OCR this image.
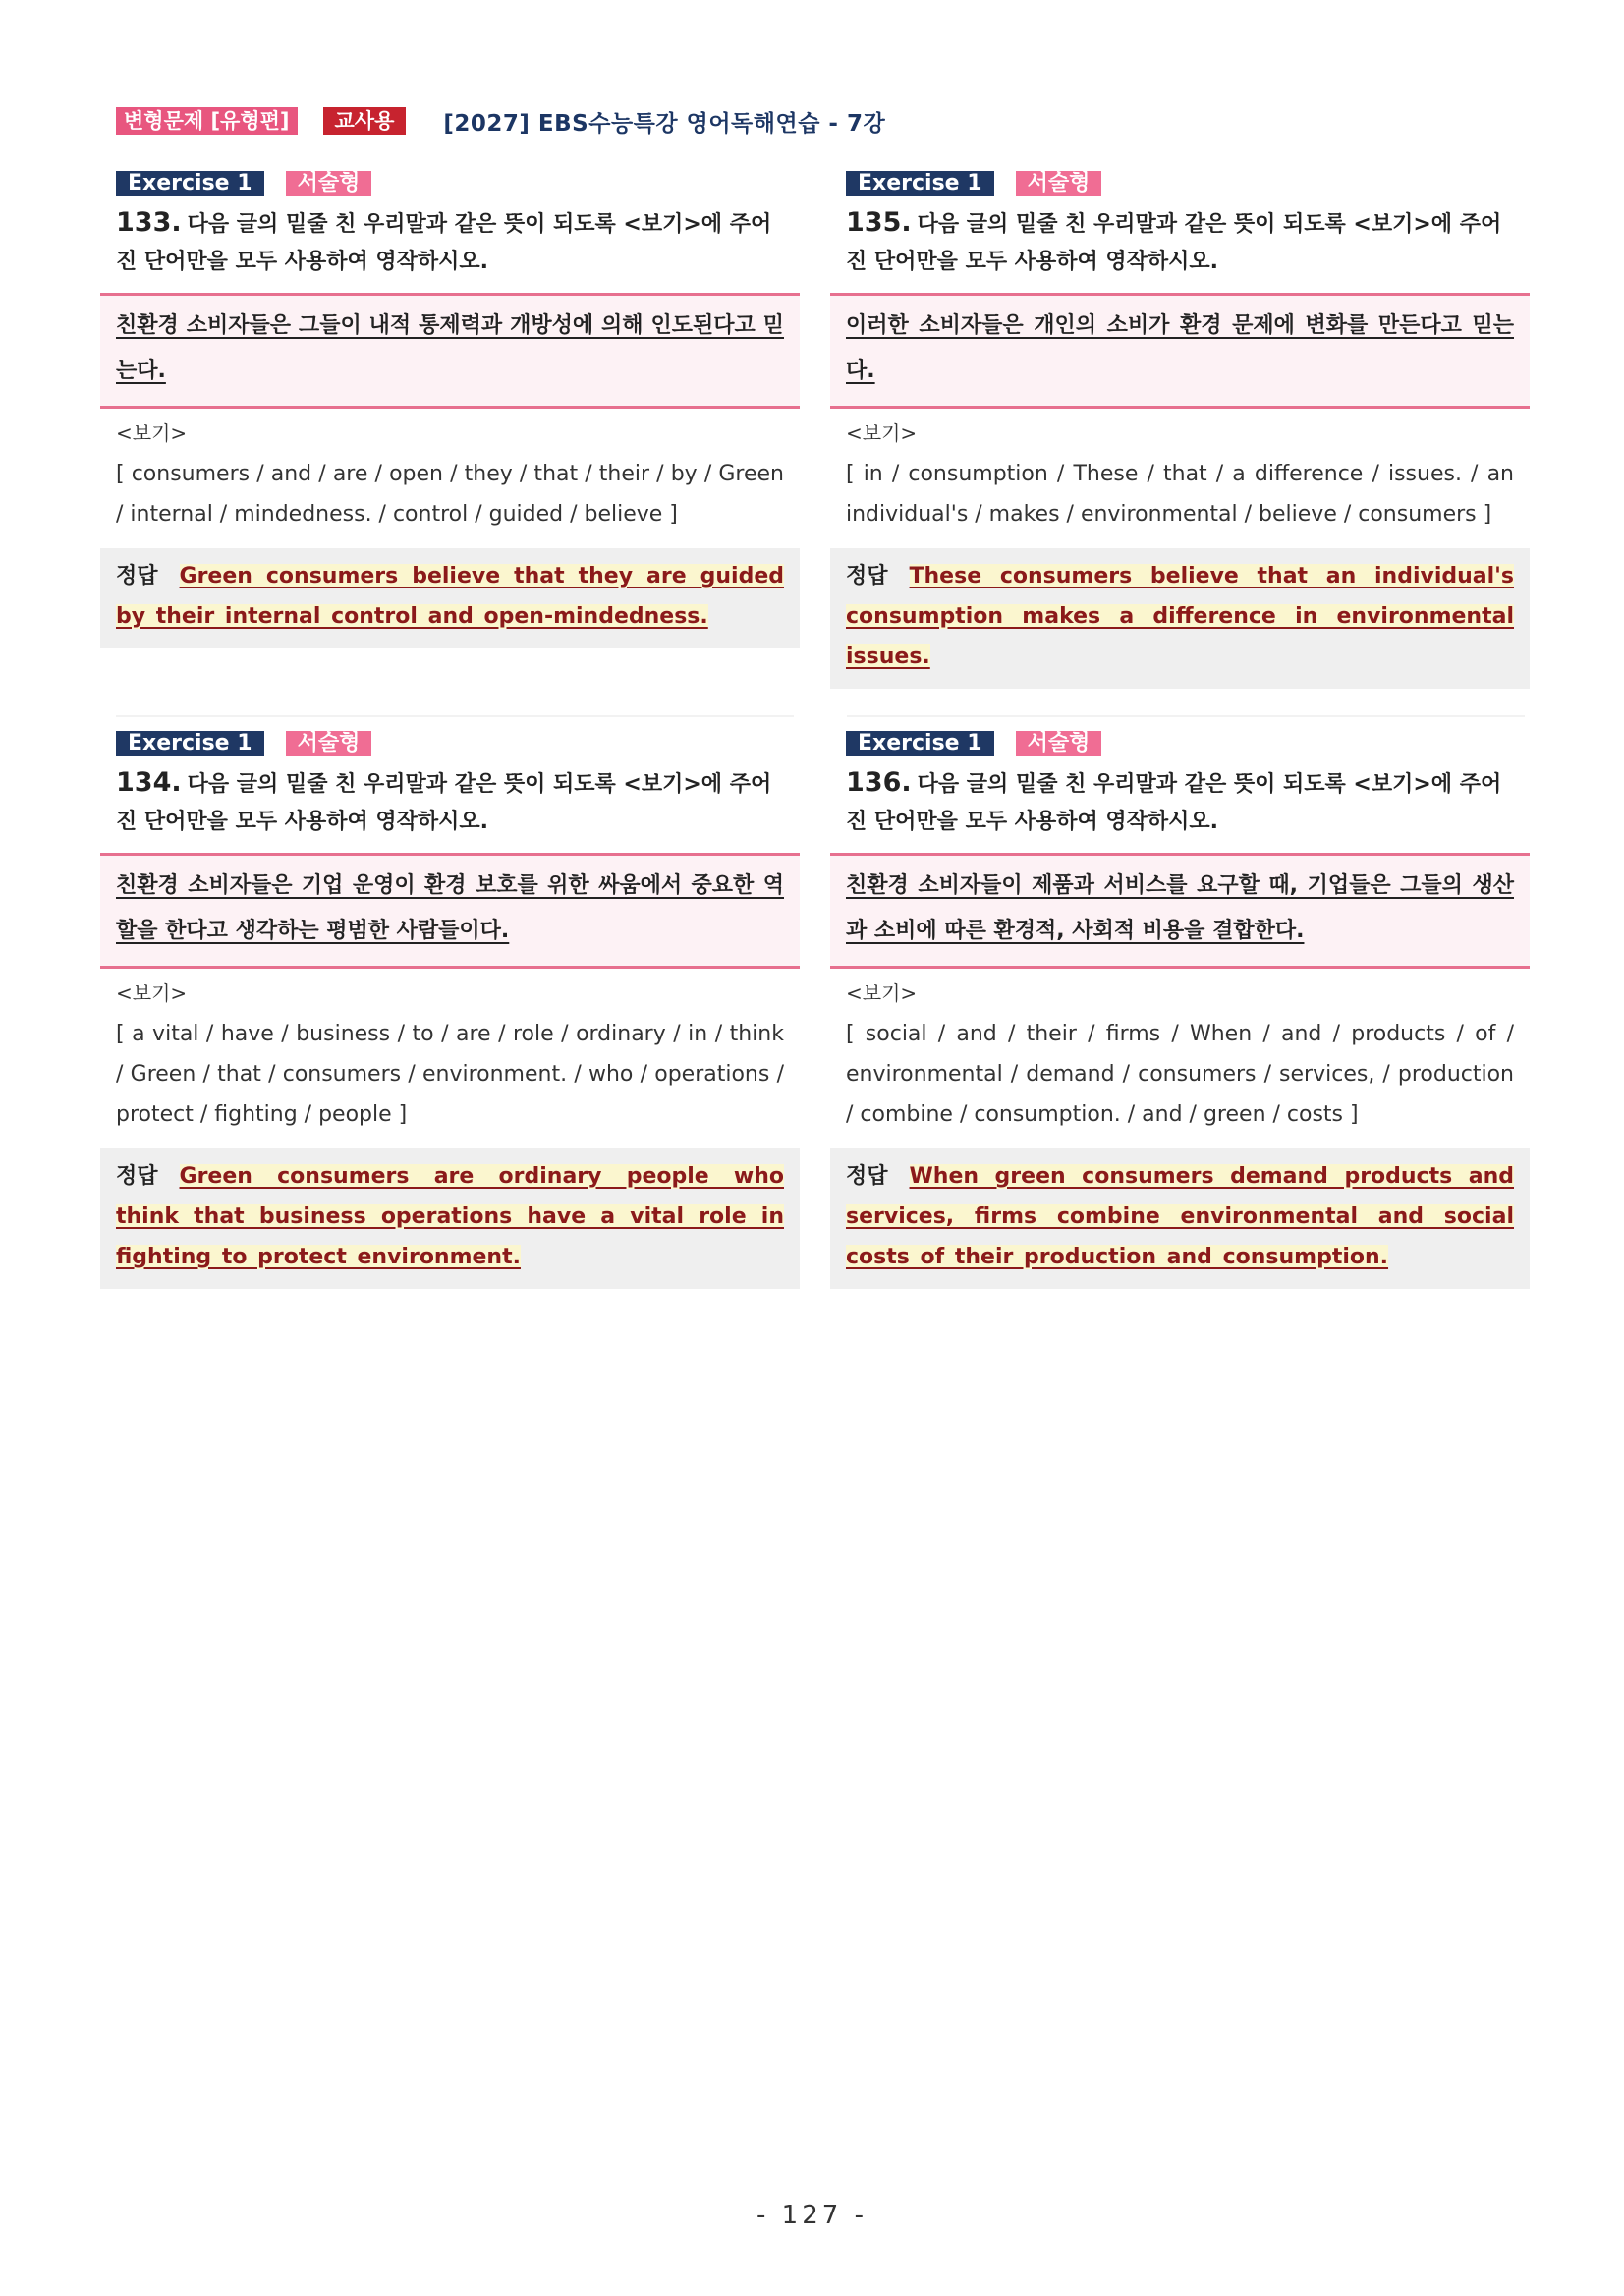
변형문제 [유형편]	교사용	[2027] EBS수능특강 영어독해연습 - 7강
Exercise 1	서술형
133. 다음 글의 밑줄 친 우리말과 같은 뜻이 되도록 <보기>에 주어진 단어만을 모두 사용하여 영작하시오.
친환경 소비자들은 그들이 내적 통제력과 개방성에 의해 인도된다고 믿는다.
<보기>
[ consumers / and / are / open / they / that / their / by / Green / internal / mindedness. / control / guided / believe ]
정답 Green consumers believe that they are guided by their internal control and open-mindedness.
Exercise 1	서술형
135. 다음 글의 밑줄 친 우리말과 같은 뜻이 되도록 <보기>에 주어진 단어만을 모두 사용하여 영작하시오.
이러한 소비자들은 개인의 소비가 환경 문제에 변화를 만든다고 믿는다.
<보기>
[ in / consumption / These / that / a difference / issues. / an individual's / makes / environmental / believe / consumers ]
정답 These consumers believe that an individual's consumption makes a difference in environmental issues.
Exercise 1	서술형
134. 다음 글의 밑줄 친 우리말과 같은 뜻이 되도록 <보기>에 주어진 단어만을 모두 사용하여 영작하시오.
친환경 소비자들은 기업 운영이 환경 보호를 위한 싸움에서 중요한 역할을 한다고 생각하는 평범한 사람들이다.
<보기>
[ a vital / have / business / to / are / role / ordinary / in / think / Green / that / consumers / environment. / who / operations / protect / fighting / people ]
정답 Green consumers are ordinary people who think that business operations have a vital role in fighting to protect environment.
Exercise 1	서술형
136. 다음 글의 밑줄 친 우리말과 같은 뜻이 되도록 <보기>에 주어진 단어만을 모두 사용하여 영작하시오.
친환경 소비자들이 제품과 서비스를 요구할 때, 기업들은 그들의 생산과 소비에 따른 환경적, 사회적 비용을 결합한다.
<보기>
[ social / and / their / firms / When / and / products / of / environmental / demand / consumers / services, / production / combine / consumption. / and / green / costs ]
정답 When green consumers demand products and services, firms combine environmental and social costs of their production and consumption.
- 127 -
